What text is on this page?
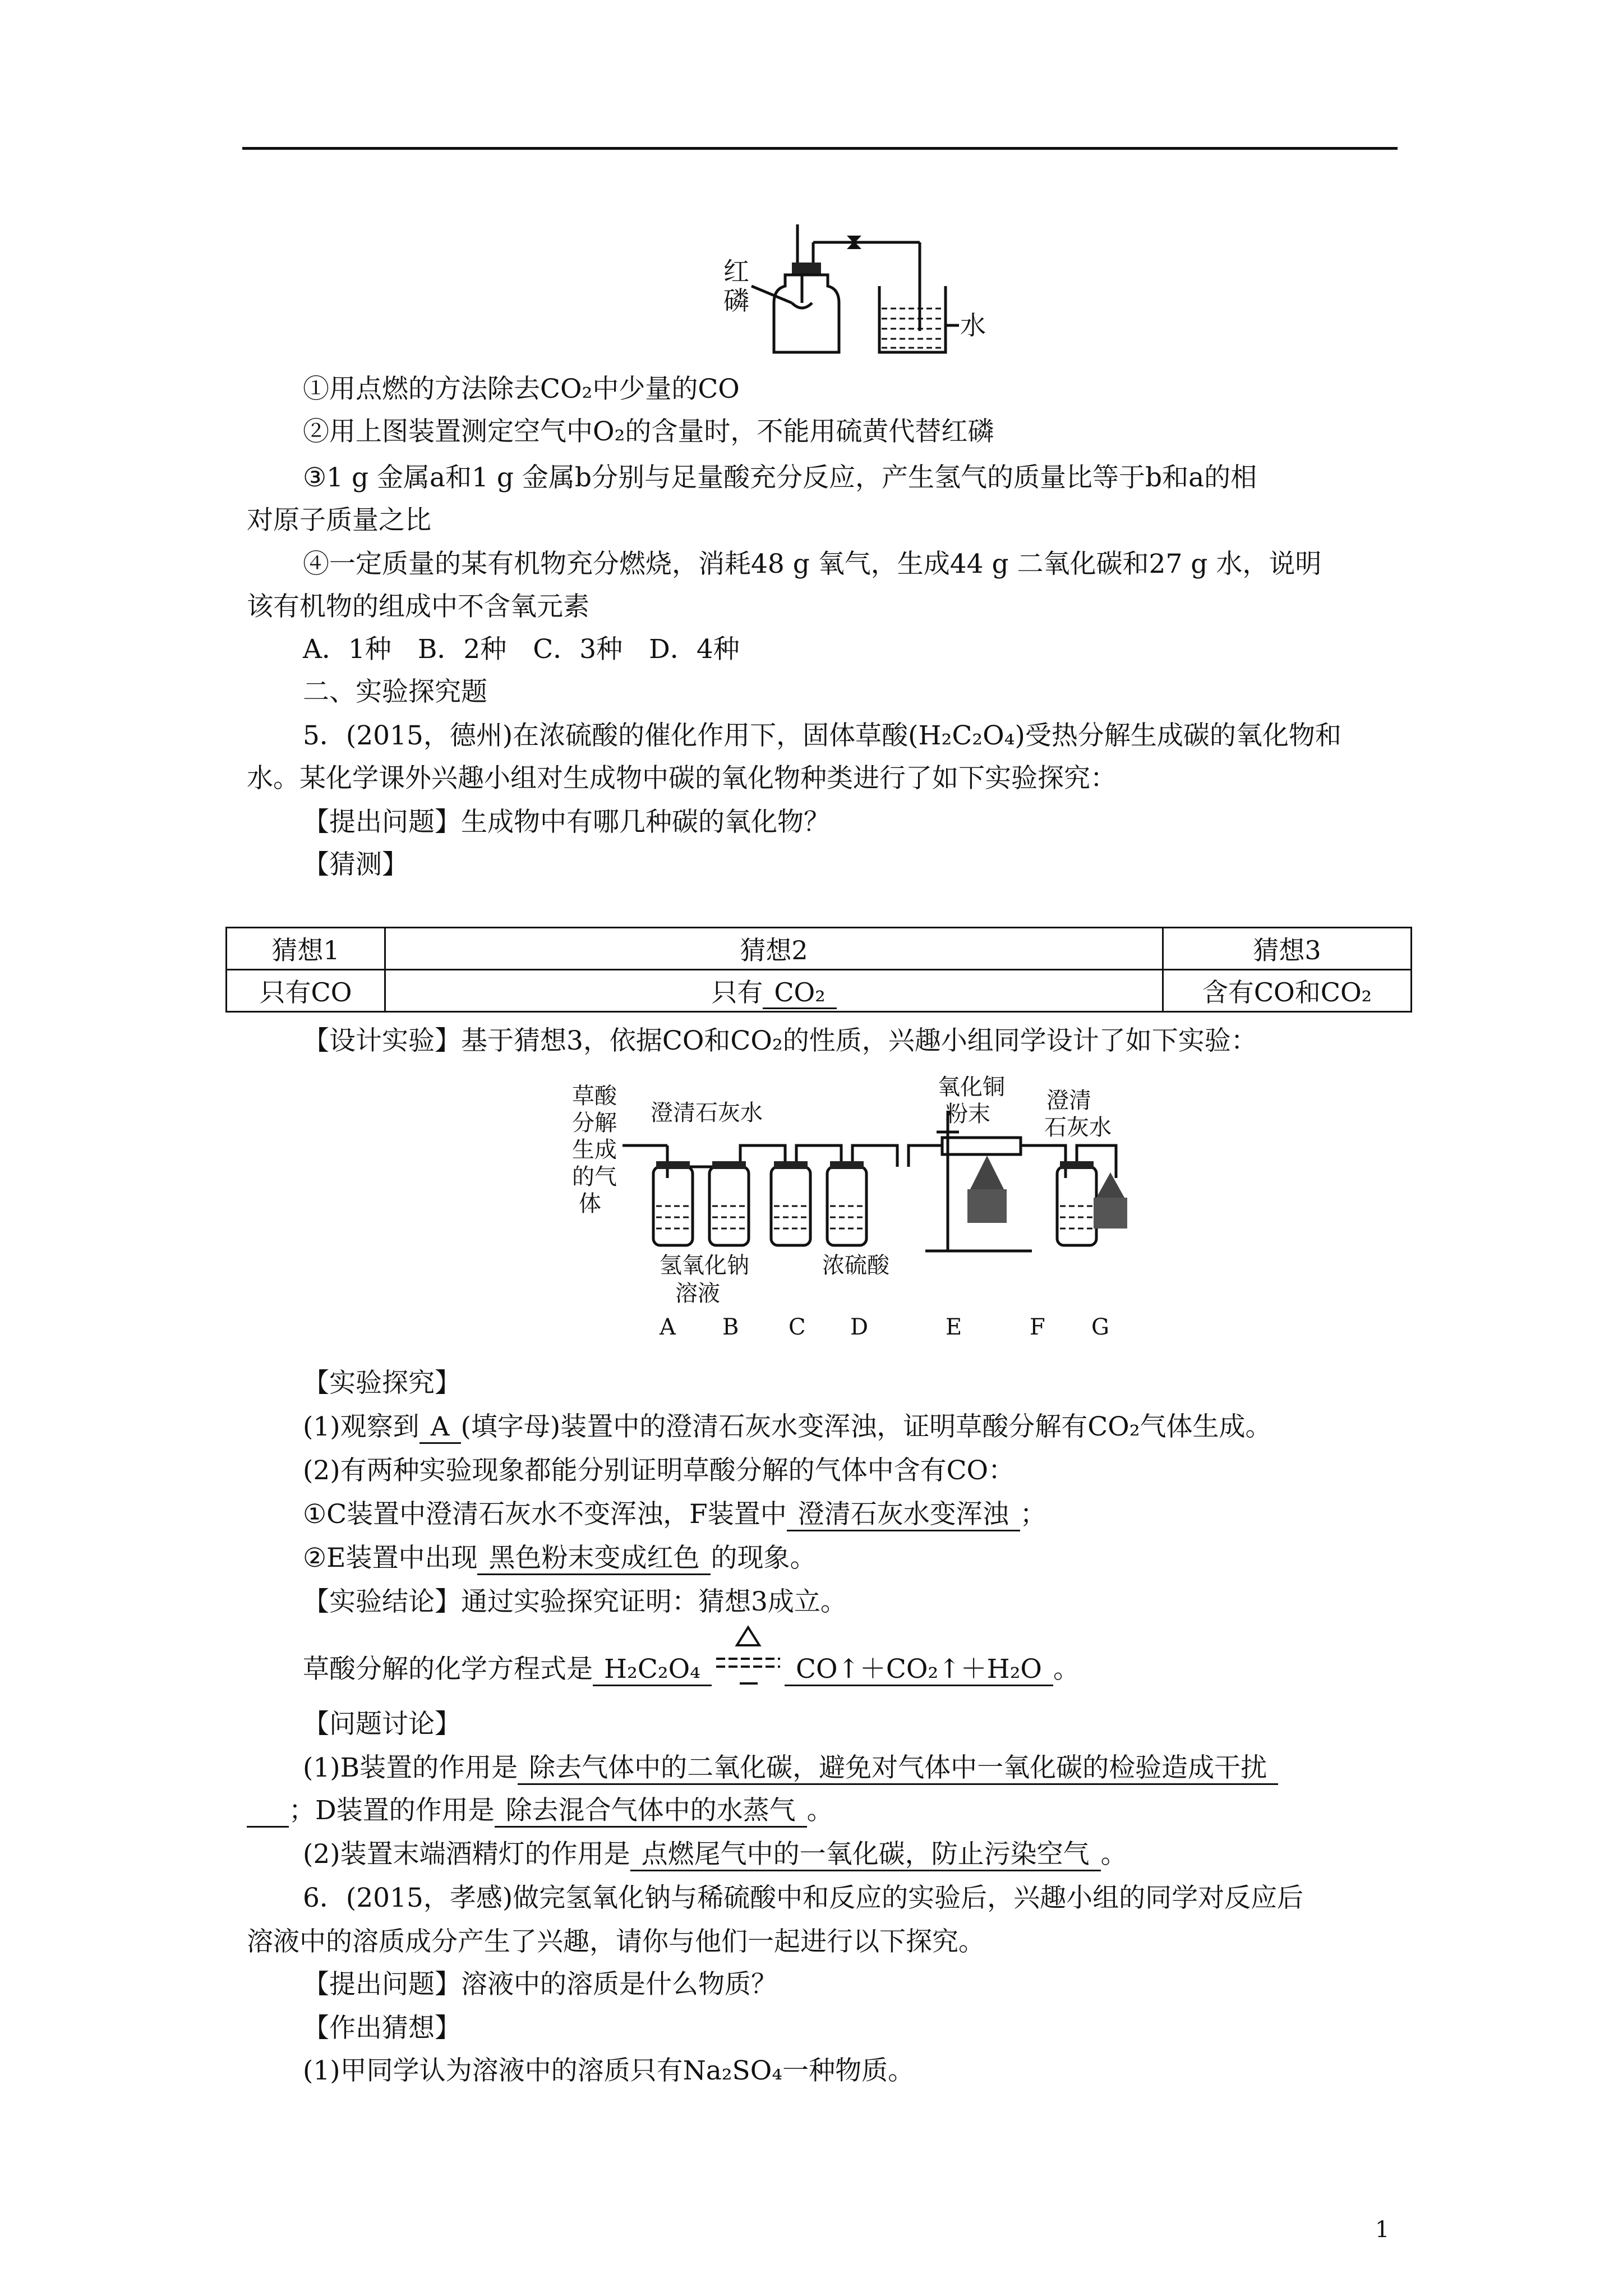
红
磷
水
①用点燃的方法除去CO₂中少量的CO
②用上图装置测定空气中O₂的含量时，不能用硫黄代替红磷
③1 g 金属a和1 g 金属b分别与足量酸充分反应，产生氢气的质量比等于b和a的相
对原子质量之比
④一定质量的某有机物充分燃烧，消耗48 g 氧气，生成44 g 二氧化碳和27 g 水，说明
该有机物的组成中不含氧元素
A．1种　B．2种　C．3种　D．4种
二、实验探究题
5．(2015，德州)在浓硫酸的催化作用下，固体草酸(H₂C₂O₄)受热分解生成碳的氧化物和
水。某化学课外兴趣小组对生成物中碳的氧化物种类进行了如下实验探究：
【提出问题】生成物中有哪几种碳的氧化物？
【猜测】
猜想1	猜想2	猜想3
只有CO	只有 CO₂	含有CO和CO₂
【设计实验】基于猜想3，依据CO和CO₂的性质，兴趣小组同学设计了如下实验：
草酸
分解
生成
的气
体
澄清石灰水
氧化铜
粉末
澄清
石灰水
氢氧化钠
溶液
浓硫酸
A B C D	E	F G
【实验探究】
(1)观察到 A (填字母)装置中的澄清石灰水变浑浊，证明草酸分解有CO₂气体生成。
(2)有两种实验现象都能分别证明草酸分解的气体中含有CO：
①C装置中澄清石灰水不变浑浊，F装置中 澄清石灰水变浑浊 ；
②E装置中出现 黑色粉末变成红色 的现象。
【实验结论】通过实验探究证明：猜想3成立。
草酸分解的化学方程式是 H₂C₂O₄	CO↑＋CO₂↑＋H₂O 。
【问题讨论】
(1)B装置的作用是 除去气体中的二氧化碳，避免对气体中一氧化碳的检验造成干扰
；D装置的作用是 除去混合气体中的水蒸气 。
(2)装置末端酒精灯的作用是 点燃尾气中的一氧化碳，防止污染空气 。
6．(2015，孝感)做完氢氧化钠与稀硫酸中和反应的实验后，兴趣小组的同学对反应后
溶液中的溶质成分产生了兴趣，请你与他们一起进行以下探究。
【提出问题】溶液中的溶质是什么物质？
【作出猜想】
(1)甲同学认为溶液中的溶质只有Na₂SO₄一种物质。
1
